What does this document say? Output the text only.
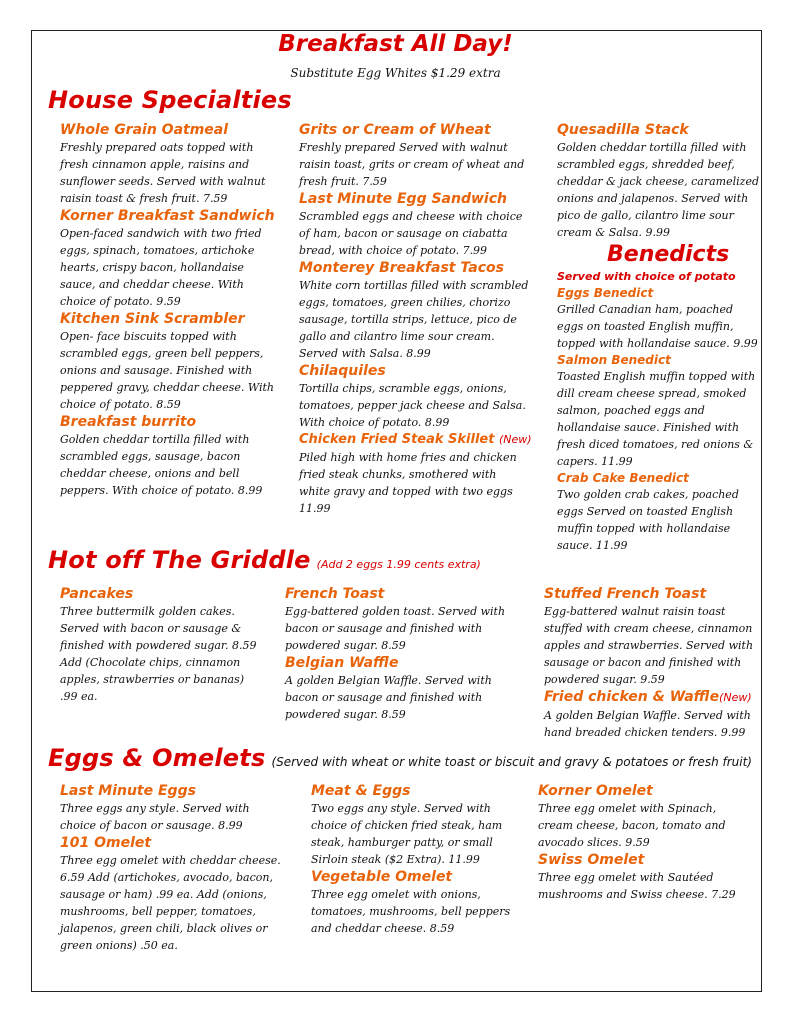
Breakfast All Day!
Substitute Egg Whites $1.29 extra
House Specialties
Whole Grain Oatmeal
Freshly prepared oats topped with fresh cinnamon apple, raisins and sunflower seeds. Served with walnut raisin toast & fresh fruit. 7.59
Korner Breakfast Sandwich
Open-faced sandwich with two fried eggs, spinach, tomatoes, artichoke hearts, crispy bacon, hollandaise sauce, and cheddar cheese. With choice of potato. 9.59
Kitchen Sink Scrambler
Open- face biscuits topped with scrambled eggs, green bell peppers, onions and sausage. Finished with peppered gravy, cheddar cheese. With choice of potato. 8.59
Breakfast burrito
Golden cheddar tortilla filled with scrambled eggs, sausage, bacon cheddar cheese, onions and bell peppers. With choice of potato. 8.99
Grits or Cream of Wheat
Freshly prepared Served with walnut raisin toast, grits or cream of wheat and fresh fruit. 7.59
Last Minute Egg Sandwich
Scrambled eggs and cheese with choice of ham, bacon or sausage on ciabatta bread, with choice of potato. 7.99
Monterey Breakfast Tacos
White corn tortillas filled with scrambled eggs, tomatoes, green chilies, chorizo sausage, tortilla strips, lettuce, pico de gallo and cilantro lime sour cream. Served with Salsa. 8.99
Chilaquiles
Tortilla chips, scramble eggs, onions, tomatoes, pepper jack cheese and Salsa. With choice of potato. 8.99
Chicken Fried Steak Skillet (New)
Piled high with home fries and chicken fried steak chunks, smothered with white gravy and topped with two eggs 11.99
Quesadilla Stack
Golden cheddar tortilla filled with scrambled eggs, shredded beef, cheddar & jack cheese, caramelized onions and jalapenos. Served with pico de gallo, cilantro lime sour cream & Salsa. 9.99
Benedicts
Served with choice of potato
Eggs Benedict
Grilled Canadian ham, poached eggs on toasted English muffin, topped with hollandaise sauce. 9.99
Salmon Benedict
Toasted English muffin topped with dill cream cheese spread, smoked salmon, poached eggs and hollandaise sauce. Finished with fresh diced tomatoes, red onions & capers. 11.99
Crab Cake Benedict
Two golden crab cakes, poached eggs Served on toasted English muffin topped with hollandaise sauce. 11.99
Hot off The Griddle (Add 2 eggs 1.99 cents extra)
Pancakes
Three buttermilk golden cakes. Served with bacon or sausage & finished with powdered sugar. 8.59 Add (Chocolate chips, cinnamon apples, strawberries or bananas) .99 ea.
French Toast
Egg-battered golden toast. Served with bacon or sausage and finished with powdered sugar. 8.59
Belgian Waffle
A golden Belgian Waffle. Served with bacon or sausage and finished with powdered sugar. 8.59
Stuffed French Toast
Egg-battered walnut raisin toast stuffed with cream cheese, cinnamon apples and strawberries. Served with sausage or bacon and finished with powdered sugar. 9.59
Fried chicken & Waffle(New)
A golden Belgian Waffle. Served with hand breaded chicken tenders. 9.99
Eggs & Omelets (Served with wheat or white toast or biscuit and gravy & potatoes or fresh fruit)
Last Minute Eggs
Three eggs any style. Served with choice of bacon or sausage. 8.99
101 Omelet
Three egg omelet with cheddar cheese. 6.59 Add (artichokes, avocado, bacon, sausage or ham) .99 ea. Add (onions, mushrooms, bell pepper, tomatoes, jalapenos, green chili, black olives or green onions) .50 ea.
Meat & Eggs
Two eggs any style. Served with choice of chicken fried steak, ham steak, hamburger patty, or small Sirloin steak ($2 Extra). 11.99
Vegetable Omelet
Three egg omelet with onions, tomatoes, mushrooms, bell peppers and cheddar cheese. 8.59
Korner Omelet
Three egg omelet with Spinach, cream cheese, bacon, tomato and avocado slices. 9.59
Swiss Omelet
Three egg omelet with Sautéed mushrooms and Swiss cheese. 7.29
